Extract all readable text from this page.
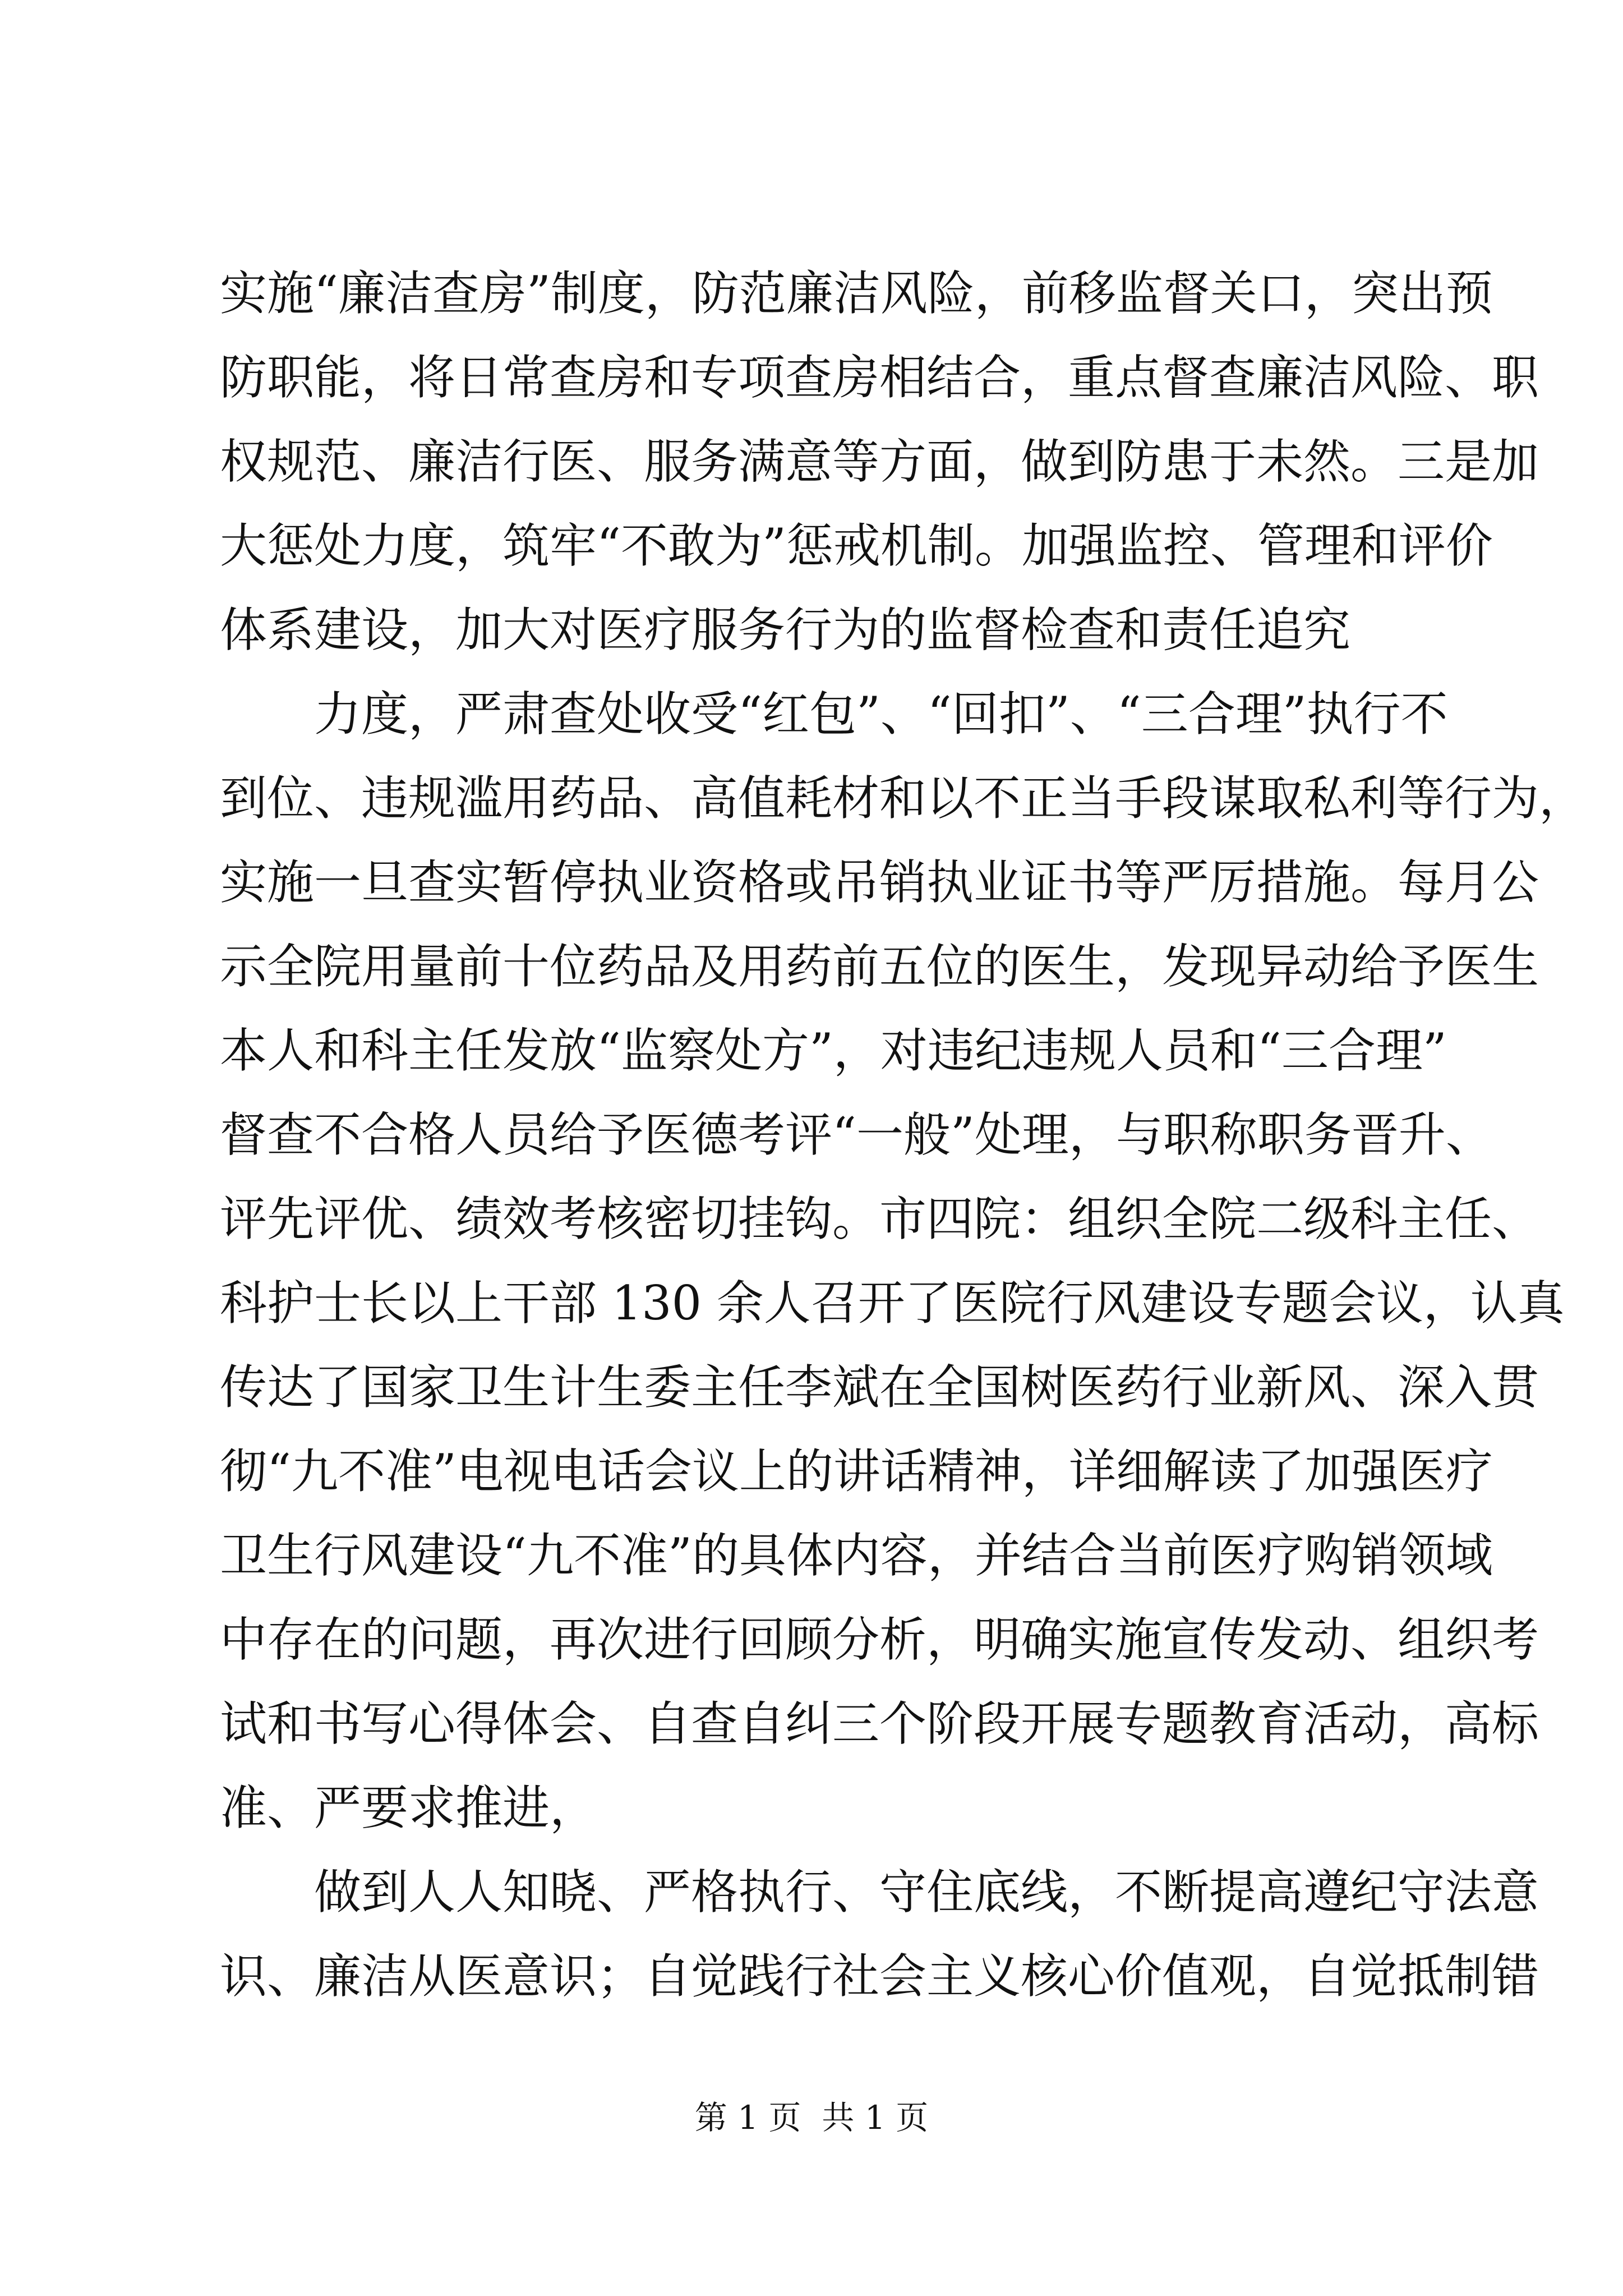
实施“廉洁查房”制度，防范廉洁风险，前移监督关口，突出预
防职能，将日常查房和专项查房相结合，重点督查廉洁风险、职
权规范、廉洁行医、服务满意等方面，做到防患于未然。三是加
大惩处力度，筑牢“不敢为”惩戒机制。加强监控、管理和评价
体系建设，加大对医疗服务行为的监督检查和责任追究
　　力度，严肃查处收受“红包”、“回扣”、“三合理”执行不
到位、违规滥用药品、高值耗材和以不正当手段谋取私利等行为，
实施一旦查实暂停执业资格或吊销执业证书等严厉措施。每月公
示全院用量前十位药品及用药前五位的医生，发现异动给予医生
本人和科主任发放“监察处方”，对违纪违规人员和“三合理”
督查不合格人员给予医德考评“一般”处理，与职称职务晋升、
评先评优、绩效考核密切挂钩。市四院：组织全院二级科主任、
科护士长以上干部 130 余人召开了医院行风建设专题会议，认真
传达了国家卫生计生委主任李斌在全国树医药行业新风、深入贯
彻“九不准”电视电话会议上的讲话精神，详细解读了加强医疗
卫生行风建设“九不准”的具体内容，并结合当前医疗购销领域
中存在的问题，再次进行回顾分析，明确实施宣传发动、组织考
试和书写心得体会、自查自纠三个阶段开展专题教育活动，高标
准、严要求推进，
　　做到人人知晓、严格执行、守住底线，不断提高遵纪守法意
识、廉洁从医意识；自觉践行社会主义核心价值观，自觉抵制错
第 1 页  共 1 页
